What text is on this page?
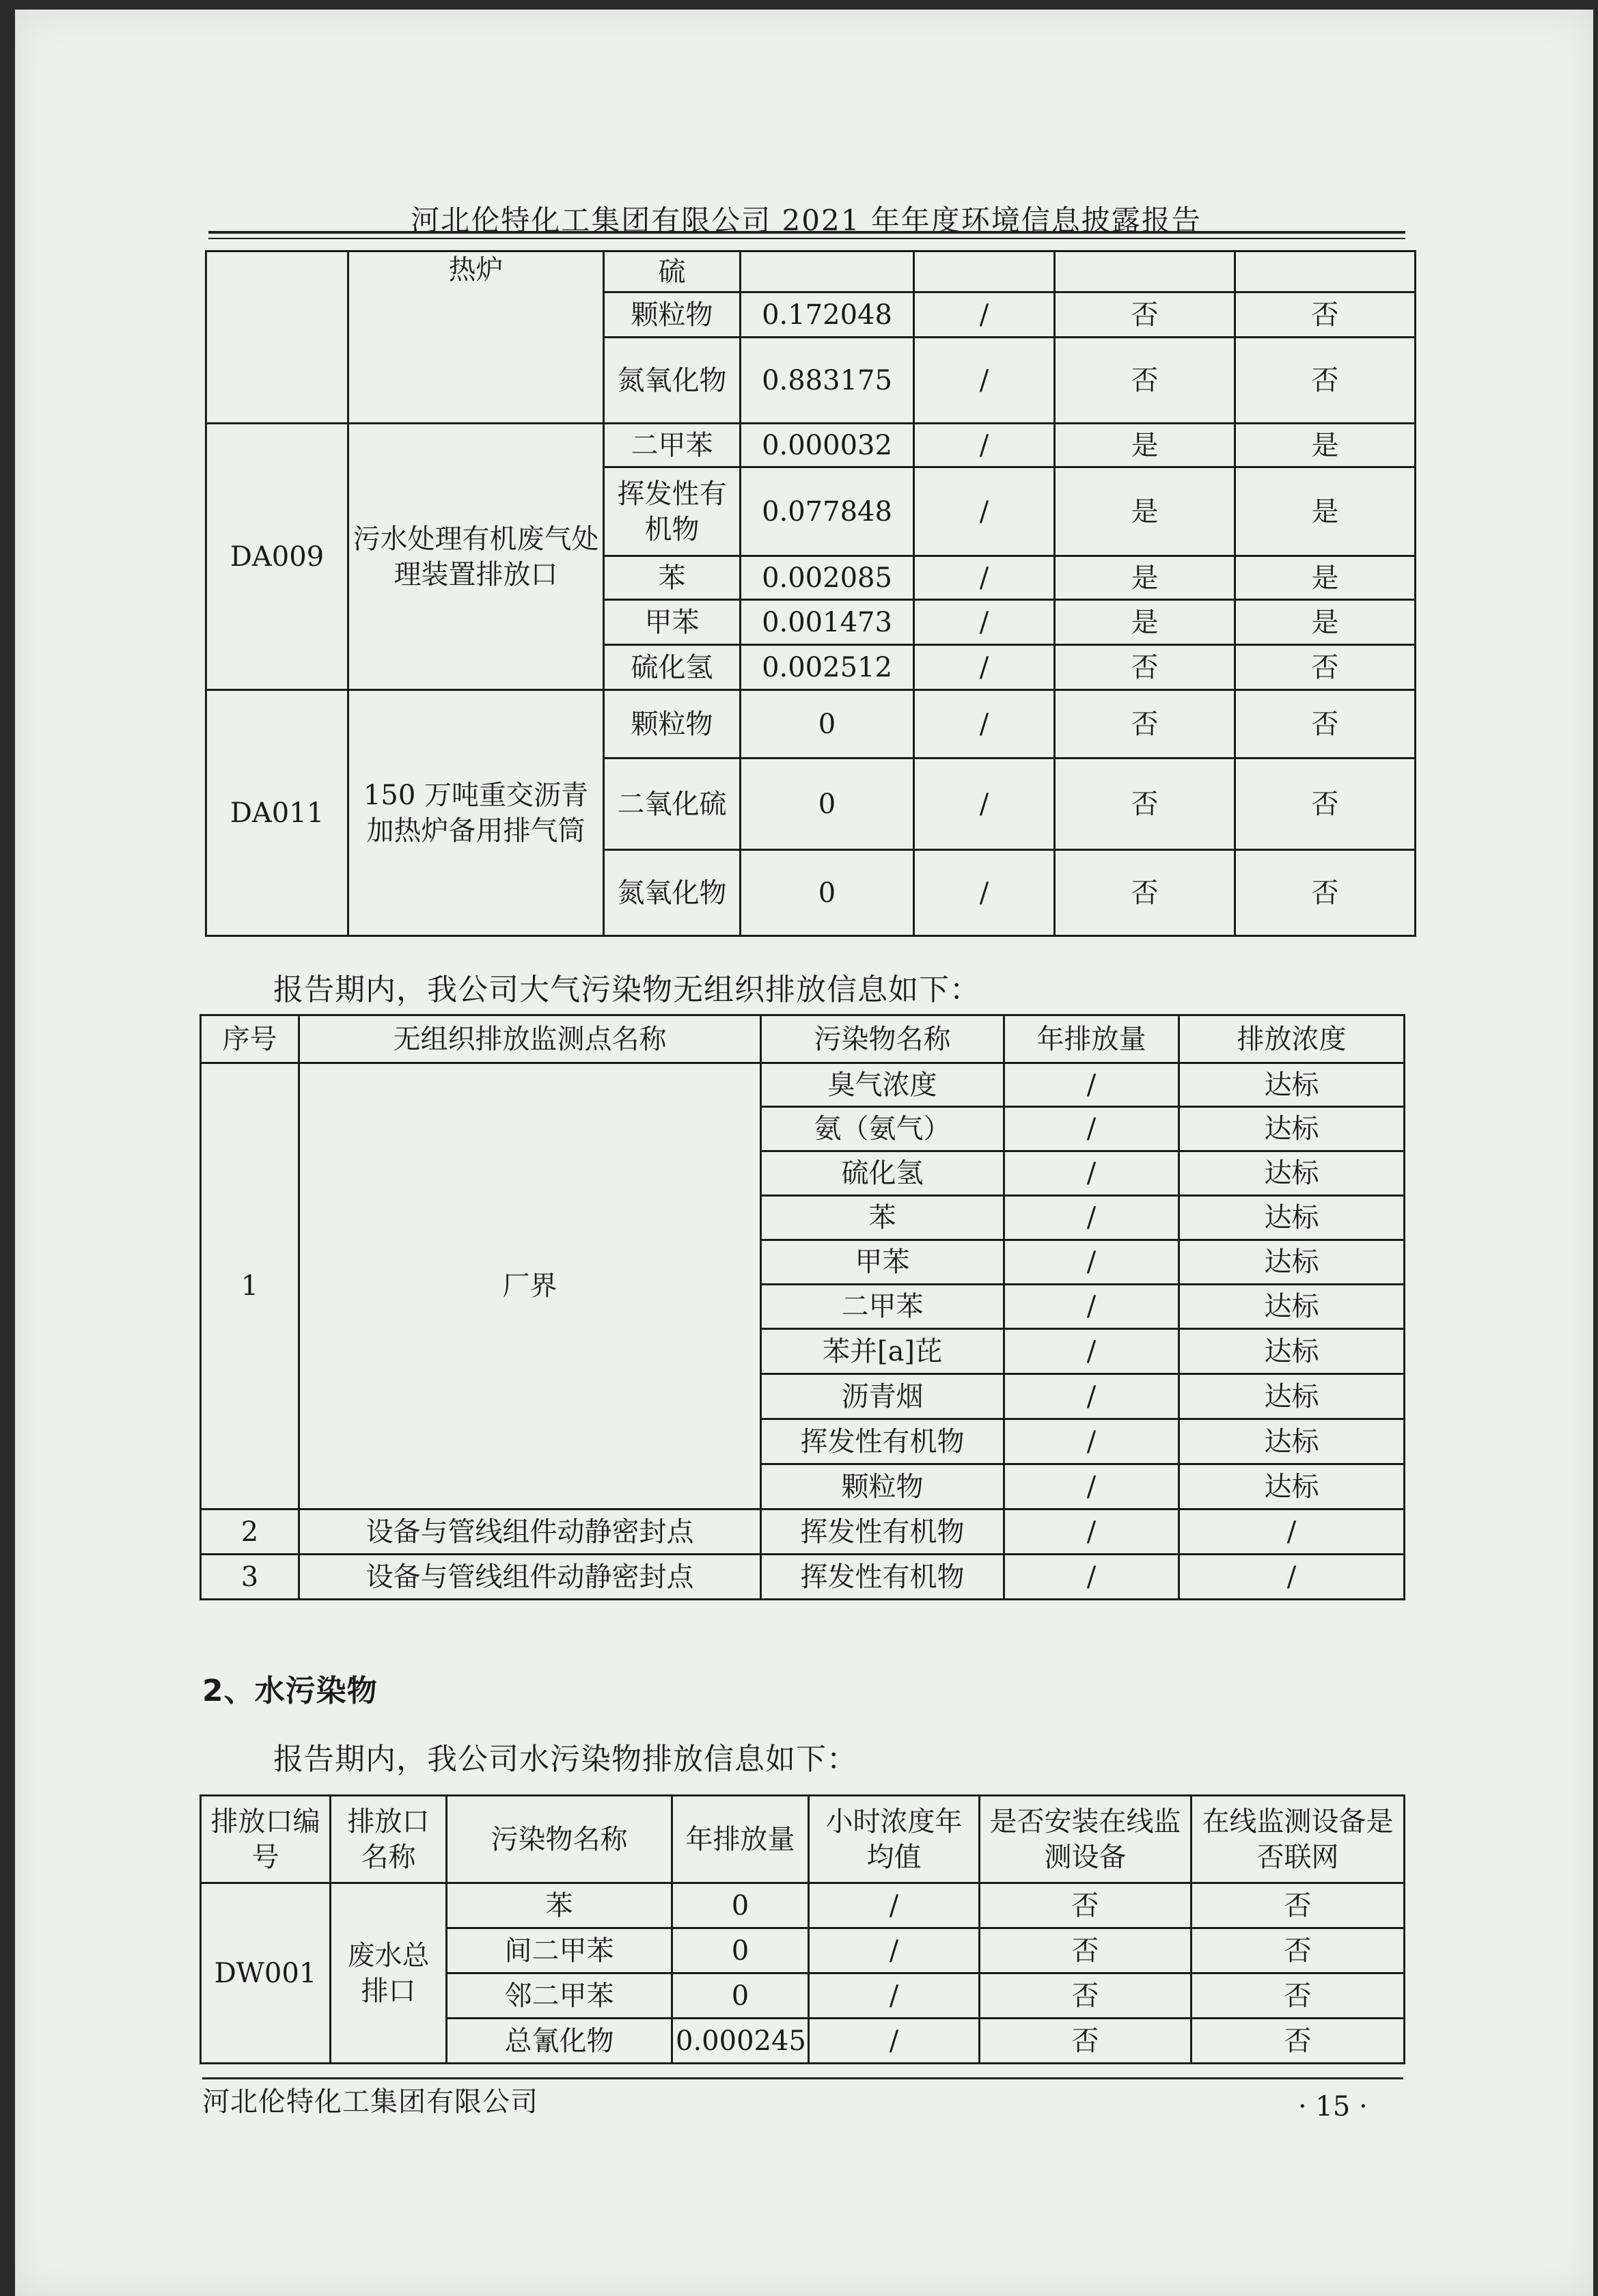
河北伦特化工集团有限公司 2021 年年度环境信息披露报告
	热炉	硫				
		颗粒物	0.172048	/	否	否
		氮氧化物	0.883175	/	否	否
DA009	污水处理有机废气处理装置排放口	二甲苯	0.000032	/	是	是
		挥发性有机物	0.077848	/	是	是
		苯	0.002085	/	是	是
		甲苯	0.001473	/	是	是
		硫化氢	0.002512	/	否	否
DA011	150 万吨重交沥青加热炉备用排气筒	颗粒物	0	/	否	否
		二氧化硫	0	/	否	否
		氮氧化物	0	/	否	否
报告期内，我公司大气污染物无组织排放信息如下：
序号	无组织排放监测点名称	污染物名称	年排放量	排放浓度
1	厂界	臭气浓度	/	达标
		氨（氨气）	/	达标
		硫化氢	/	达标
		苯	/	达标
		甲苯	/	达标
		二甲苯	/	达标
		苯并[a]芘	/	达标
		沥青烟	/	达标
		挥发性有机物	/	达标
		颗粒物	/	达标
2	设备与管线组件动静密封点	挥发性有机物	/	/
3	设备与管线组件动静密封点	挥发性有机物	/	/
2、水污染物
报告期内，我公司水污染物排放信息如下：
排放口编号	排放口名称	污染物名称	年排放量	小时浓度年均值	是否安装在线监测设备	在线监测设备是否联网
DW001	废水总排口	苯	0	/	否	否
		间二甲苯	0	/	否	否
		邻二甲苯	0	/	否	否
		总氰化物	0.000245	/	否	否
河北伦特化工集团有限公司	· 15 ·
